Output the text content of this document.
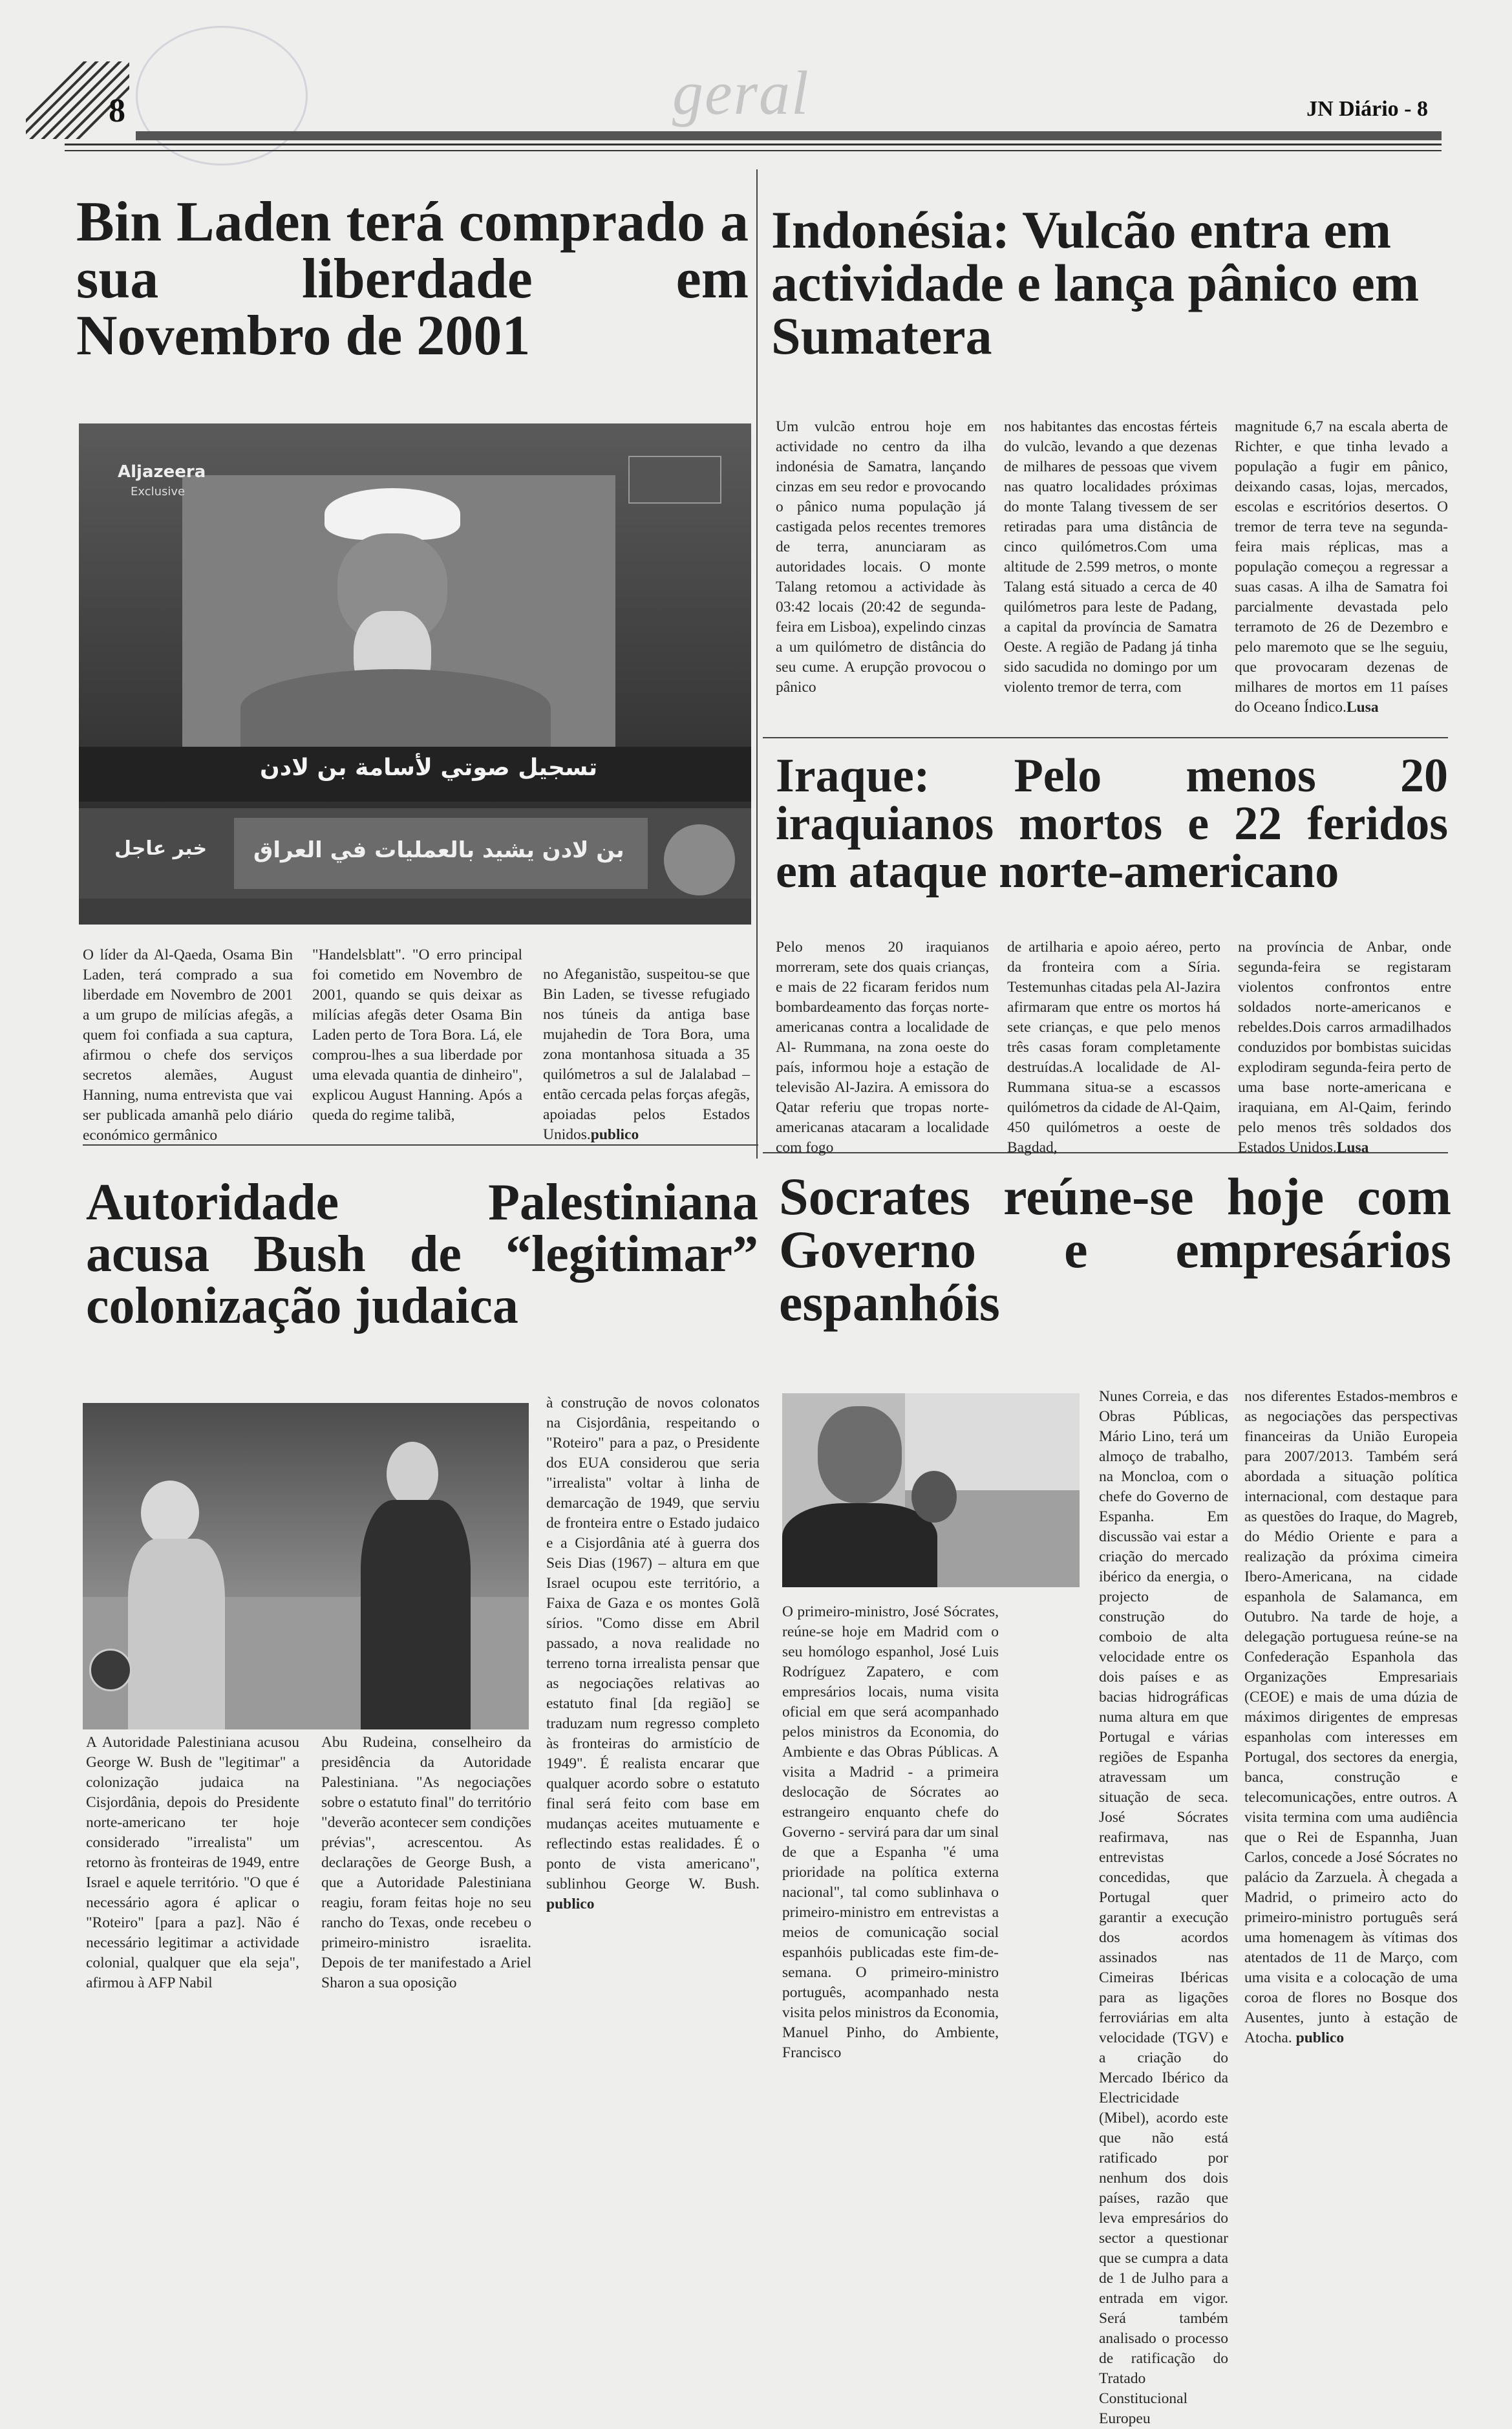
8	geral	JN Diário - 8
Bin Laden terá comprado a sua liberdade em Novembro de 2001
Aljazeera
Exclusive
تسجيل صوتي لأسامة بن لادن
بن لادن يشيد بالعمليات في العراق
خبر عاجل

O líder da Al-Qaeda, Osama Bin Laden, terá comprado a sua liberdade em Novembro de 2001 a um grupo de milícias afegãs, a quem foi confiada a sua captura, afirmou o chefe dos serviços secretos alemães, August Hanning, numa entrevista que vai ser publicada amanhã pelo diário económico germânico

"Handelsblatt". "O erro principal foi cometido em Novembro de 2001, quando se quis deixar as milícias afegãs deter Osama Bin Laden perto de Tora Bora. Lá, ele comprou-lhes a sua liberdade por uma elevada quantia de dinheiro", explicou August Hanning. Após a queda do regime talibã,

no Afeganistão, suspeitou-se que Bin Laden, se tivesse refugiado nos túneis da antiga base mujahedin de Tora Bora, uma zona montanhosa situada a 35 quilómetros a sul de Jalalabad – então cercada pelas forças afegãs, apoiadas pelos Estados Unidos.publico

Indonésia: Vulcão entra em actividade e lança pânico em Sumatera

Um vulcão entrou hoje em actividade no centro da ilha indonésia de Samatra, lançando cinzas em seu redor e provocando o pânico numa população já castigada pelos recentes tremores de terra, anunciaram as autoridades locais. O monte Talang retomou a actividade às 03:42 locais (20:42 de segunda-feira em Lisboa), expelindo cinzas a um quilómetro de distância do seu cume. A erupção provocou o pânico

nos habitantes das encostas férteis do vulcão, levando a que dezenas de milhares de pessoas que vivem nas quatro localidades próximas do monte Talang tivessem de ser retiradas para uma distância de cinco quilómetros.Com uma altitude de 2.599 metros, o monte Talang está situado a cerca de 40 quilómetros para leste de Padang, a capital da província de Samatra Oeste. A região de Padang já tinha sido sacudida no domingo por um violento tremor de terra, com

magnitude 6,7 na escala aberta de Richter, e que tinha levado a população a fugir em pânico, deixando casas, lojas, mercados, escolas e escritórios desertos. O tremor de terra teve na segunda-feira mais réplicas, mas a população começou a regressar a suas casas. A ilha de Samatra foi parcialmente devastada pelo terramoto de 26 de Dezembro e pelo maremoto que se lhe seguiu, que provocaram dezenas de milhares de mortos em 11 países do Oceano Índico.Lusa

Iraque: Pelo menos 20 iraquianos mortos e 22 feridos em ataque norte-americano

Pelo menos 20 iraquianos morreram, sete dos quais crianças, e mais de 22 ficaram feridos num bombardeamento das forças norte-americanas contra a localidade de Al- Rummana, na zona oeste do país, informou hoje a estação de televisão Al-Jazira. A emissora do Qatar referiu que tropas norte-americanas atacaram a localidade com fogo

de artilharia e apoio aéreo, perto da fronteira com a Síria. Testemunhas citadas pela Al-Jazira afirmaram que entre os mortos há sete crianças, e que pelo menos três casas foram completamente destruídas.A localidade de Al-Rummana situa-se a escassos quilómetros da cidade de Al-Qaim, 450 quilómetros a oeste de Bagdad,

na província de Anbar, onde segunda-feira se registaram violentos confrontos entre soldados norte-americanos e rebeldes.Dois carros armadilhados conduzidos por bombistas suicidas explodiram segunda-feira perto de uma base norte-americana e iraquiana, em Al-Qaim, ferindo pelo menos três soldados dos Estados Unidos.Lusa

Autoridade Palestiniana acusa Bush de “legitimar” colonização judaica

A Autoridade Palestiniana acusou George W. Bush de "legitimar" a colonização judaica na Cisjordânia, depois do Presidente norte-americano ter hoje considerado "irrealista" um retorno às fronteiras de 1949, entre Israel e aquele território. "O que é necessário agora é aplicar o "Roteiro" [para a paz]. Não é necessário legitimar a actividade colonial, qualquer que ela seja", afirmou à AFP Nabil

Abu Rudeina, conselheiro da presidência da Autoridade Palestiniana. "As negociações sobre o estatuto final" do território "deverão acontecer sem condições prévias", acrescentou. As declarações de George Bush, a que a Autoridade Palestiniana reagiu, foram feitas hoje no seu rancho do Texas, onde recebeu o primeiro-ministro israelita. Depois de ter manifestado a Ariel Sharon a sua oposição

à construção de novos colonatos na Cisjordânia, respeitando o "Roteiro" para a paz, o Presidente dos EUA considerou que seria "irrealista" voltar à linha de demarcação de 1949, que serviu de fronteira entre o Estado judaico e a Cisjordânia até à guerra dos Seis Dias (1967) – altura em que Israel ocupou este território, a Faixa de Gaza e os montes Golã sírios. "Como disse em Abril passado, a nova realidade no terreno torna irrealista pensar que as negociações relativas ao estatuto final [da região] se traduzam num regresso completo às fronteiras do armistício de 1949". É realista encarar que qualquer acordo sobre o estatuto final será feito com base em mudanças aceites mutuamente e reflectindo estas realidades. É o ponto de vista americano", sublinhou George W. Bush. publico

Socrates reúne-se hoje com Governo e empresários espanhóis

O primeiro-ministro, José Sócrates, reúne-se hoje em Madrid com o seu homólogo espanhol, José Luis Rodríguez Zapatero, e com empresários locais, numa visita oficial em que será acompanhado pelos ministros da Economia, do Ambiente e das Obras Públicas. A visita a Madrid - a primeira deslocação de Sócrates ao estrangeiro enquanto chefe do Governo - servirá para dar um sinal de que a Espanha "é uma prioridade na política externa nacional", tal como sublinhava o primeiro-ministro em entrevistas a meios de comunicação social espanhóis publicadas este fim-de-semana. O primeiro-ministro português, acompanhado nesta visita pelos ministros da Economia, Manuel Pinho, do Ambiente, Francisco

Nunes Correia, e das Obras Públicas, Mário Lino, terá um almoço de trabalho, na Moncloa, com o chefe do Governo de Espanha. Em discussão vai estar a criação do mercado ibérico da energia, o projecto de construção do comboio de alta velocidade entre os dois países e as bacias hidrográficas numa altura em que Portugal e várias regiões de Espanha atravessam um situação de seca. José Sócrates reafirmava, nas entrevistas concedidas, que Portugal quer garantir a execução dos acordos assinados nas Cimeiras Ibéricas para as ligações ferroviárias em alta velocidade (TGV) e a criação do Mercado Ibérico da Electricidade (Mibel), acordo este que não está ratificado por nenhum dos dois países, razão que leva empresários do sector a questionar que se cumpra a data de 1 de Julho para a entrada em vigor. Será também analisado o processo de ratificação do Tratado Constitucional Europeu

nos diferentes Estados-membros e as negociações das perspectivas financeiras da União Europeia para 2007/2013. Também será abordada a situação política internacional, com destaque para as questões do Iraque, do Magreb, do Médio Oriente e para a realização da próxima cimeira Ibero-Americana, na cidade espanhola de Salamanca, em Outubro. Na tarde de hoje, a delegação portuguesa reúne-se na Confederação Espanhola das Organizações Empresariais (CEOE) e mais de uma dúzia de máximos dirigentes de empresas espanholas com interesses em Portugal, dos sectores da energia, banca, construção e telecomunicações, entre outros. A visita termina com uma audiência que o Rei de Espannha, Juan Carlos, concede a José Sócrates no palácio da Zarzuela. À chegada a Madrid, o primeiro acto do primeiro-ministro português será uma homenagem às vítimas dos atentados de 11 de Março, com uma visita e a colocação de uma coroa de flores no Bosque dos Ausentes, junto à estação de Atocha. publico
